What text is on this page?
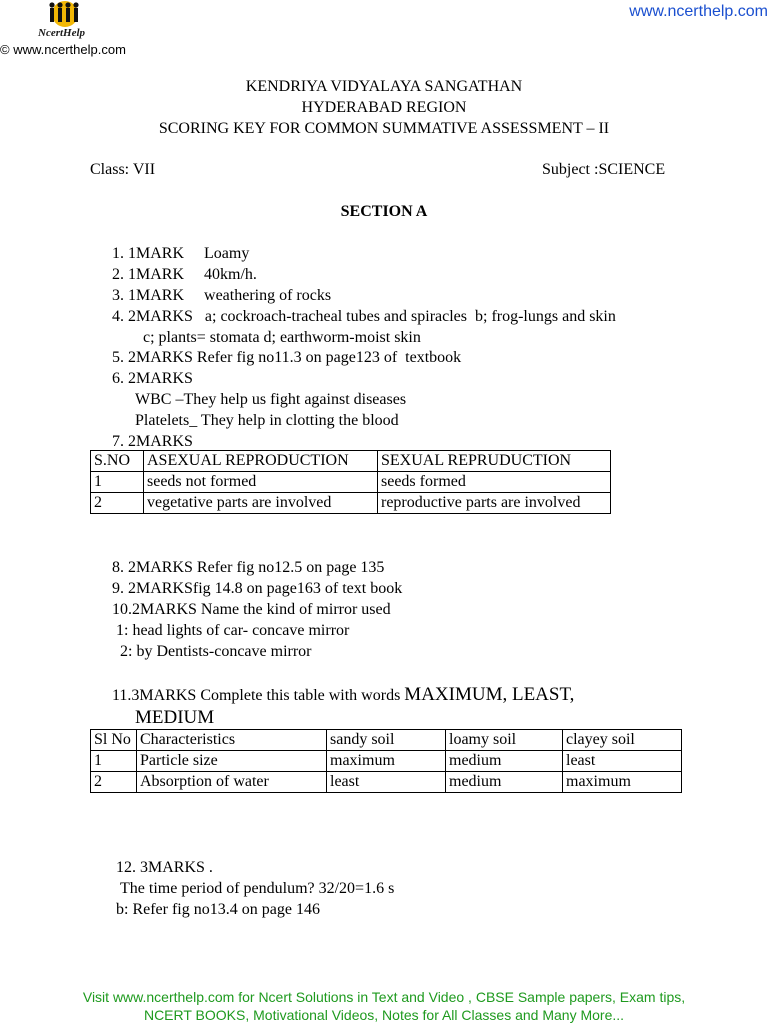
NcertHelp
www.ncerthelp.com
© www.ncerthelp.com
KENDRIYA VIDYALAYA SANGATHAN
HYDERABAD REGION
SCORING KEY FOR COMMON SUMMATIVE ASSESSMENT – II
Class: VII	Subject :SCIENCE
SECTION A
1. 1MARK     Loamy
2. 1MARK     40km/h.
3. 1MARK     weathering of rocks
4. 2MARKS   a; cockroach-tracheal tubes and spiracles  b; frog-lungs and skin
c; plants= stomata d; earthworm-moist skin
5. 2MARKS Refer fig no11.3 on page123 of  textbook
6. 2MARKS
WBC –They help us fight against diseases
Platelets_ They help in clotting the blood
7. 2MARKS
S.NO	ASEXUAL REPRODUCTION	SEXUAL REPRUDUCTION
1	seeds not formed	seeds formed
2	vegetative parts are involved	reproductive parts are involved
8. 2MARKS Refer fig no12.5 on page 135
9. 2MARKSfig 14.8 on page163 of text book
10.2MARKS Name the kind of mirror used
1: head lights of car- concave mirror
2: by Dentists-concave mirror
11.3MARKS Complete this table with words MAXIMUM, LEAST,
MEDIUM
Sl No	Characteristics	sandy soil	loamy soil	clayey soil
1	Particle size	maximum	medium	least
2	Absorption of water	least	medium	maximum
12. 3MARKS .
The time period of pendulum? 32/20=1.6 s
b: Refer fig no13.4 on page 146
Visit www.ncerthelp.com for Ncert Solutions in Text and Video , CBSE Sample papers, Exam tips,
NCERT BOOKS, Motivational Videos, Notes for All Classes and Many More...
